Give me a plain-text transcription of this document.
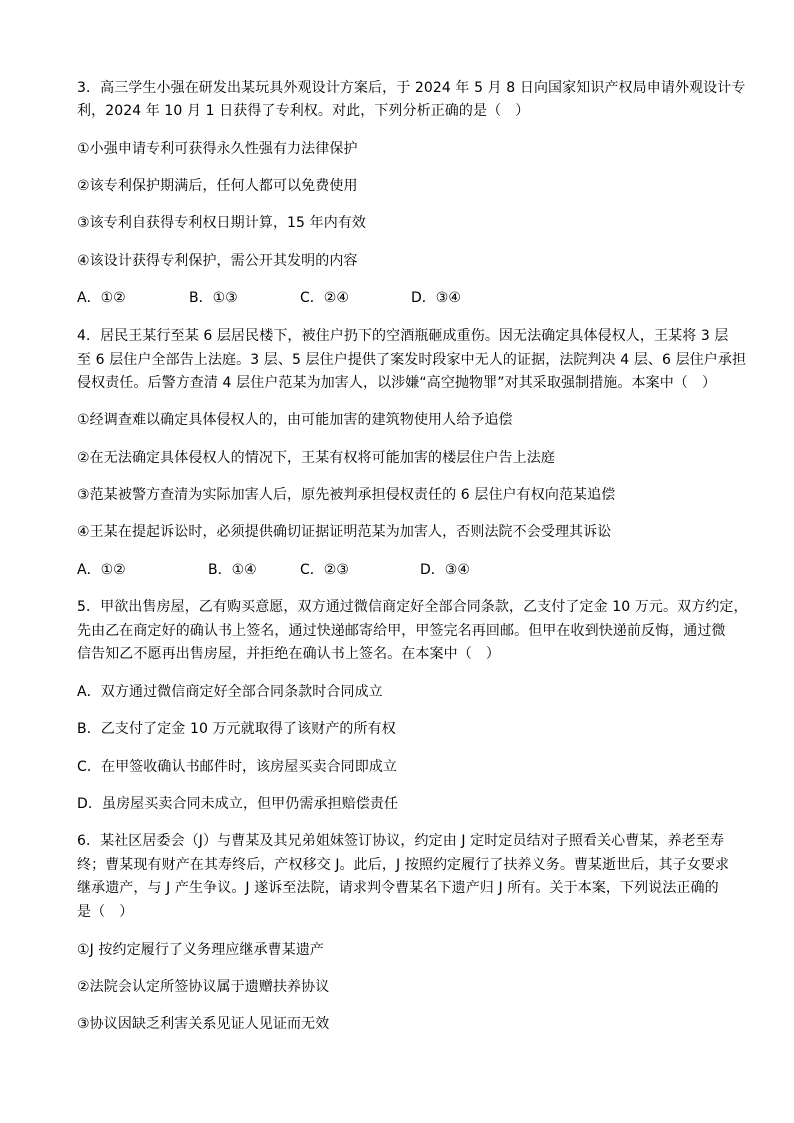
3．高三学生小强在研发出某玩具外观设计方案后，于 2024 年 5 月 8 日向国家知识产权局申请外观设计专
利，2024 年 10 月 1 日获得了专利权。对此，下列分析正确的是（　）
①小强申请专利可获得永久性强有力法律保护
②该专利保护期满后，任何人都可以免费使用
③该专利自获得专利权日期计算，15 年内有效
④该设计获得专利保护，需公开其发明的内容
A．①②	B．①③	C．②④	D．③④
4．居民王某行至某 6 层居民楼下，被住户扔下的空酒瓶砸成重伤。因无法确定具体侵权人，王某将 3 层
至 6 层住户全部告上法庭。3 层、5 层住户提供了案发时段家中无人的证据，法院判决 4 层、6 层住户承担
侵权责任。后警方查清 4 层住户范某为加害人，以涉嫌“高空抛物罪”对其采取强制措施。本案中（　）
①经调查难以确定具体侵权人的，由可能加害的建筑物使用人给予追偿
②在无法确定具体侵权人的情况下，王某有权将可能加害的楼层住户告上法庭
③范某被警方查清为实际加害人后，原先被判承担侵权责任的 6 层住户有权向范某追偿
④王某在提起诉讼时，必须提供确切证据证明范某为加害人，否则法院不会受理其诉讼
A．①②	B．①④	C．②③	D．③④
5．甲欲出售房屋，乙有购买意愿，双方通过微信商定好全部合同条款，乙支付了定金 10 万元。双方约定，
先由乙在商定好的确认书上签名，通过快递邮寄给甲，甲签完名再回邮。但甲在收到快递前反悔，通过微
信告知乙不愿再出售房屋，并拒绝在确认书上签名。在本案中（　）
A．双方通过微信商定好全部合同条款时合同成立
B．乙支付了定金 10 万元就取得了该财产的所有权
C．在甲签收确认书邮件时，该房屋买卖合同即成立
D．虽房屋买卖合同未成立，但甲仍需承担赔偿责任
6．某社区居委会（J）与曹某及其兄弟姐妹签订协议，约定由 J 定时定员结对子照看关心曹某，养老至寿
终；曹某现有财产在其寿终后，产权移交 J。此后，J 按照约定履行了扶养义务。曹某逝世后，其子女要求
继承遗产，与 J 产生争议。J 遂诉至法院，请求判令曹某名下遗产归 J 所有。关于本案，下列说法正确的
是（　）
①J 按约定履行了义务理应继承曹某遗产
②法院会认定所签协议属于遗赠扶养协议
③协议因缺乏利害关系见证人见证而无效
